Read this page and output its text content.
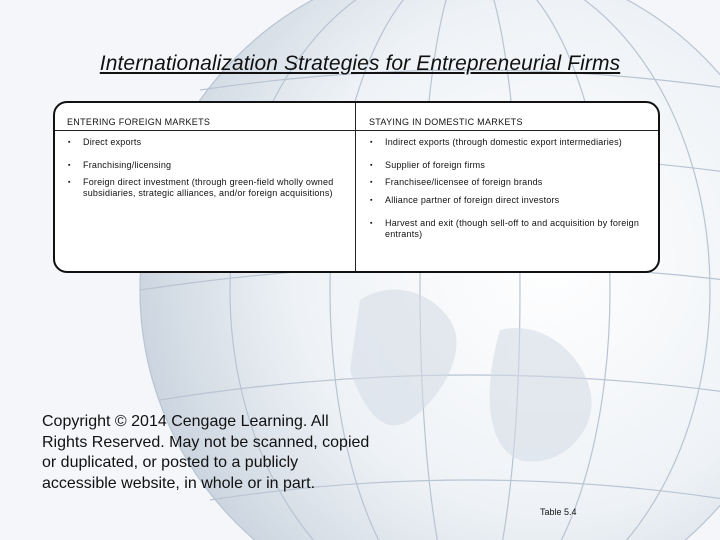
Internationalization Strategies for Entrepreneurial Firms
ENTERING FOREIGN MARKETS	STAYING IN DOMESTIC MARKETS
▪ Direct exports
▪ Franchising/licensing
▪ Foreign direct investment (through green-field wholly owned subsidiaries, strategic alliances, and/or foreign acquisitions)
▪ Indirect exports (through domestic export intermediaries)
▪ Supplier of foreign firms
▪ Franchisee/licensee of foreign brands
▪ Alliance partner of foreign direct investors
▪ Harvest and exit (though sell-off to and acquisition by foreign entrants)
Copyright © 2014 Cengage Learning. All Rights Reserved. May not be scanned, copied or duplicated, or posted to a publicly accessible website, in whole or in part.
Table 5.4
